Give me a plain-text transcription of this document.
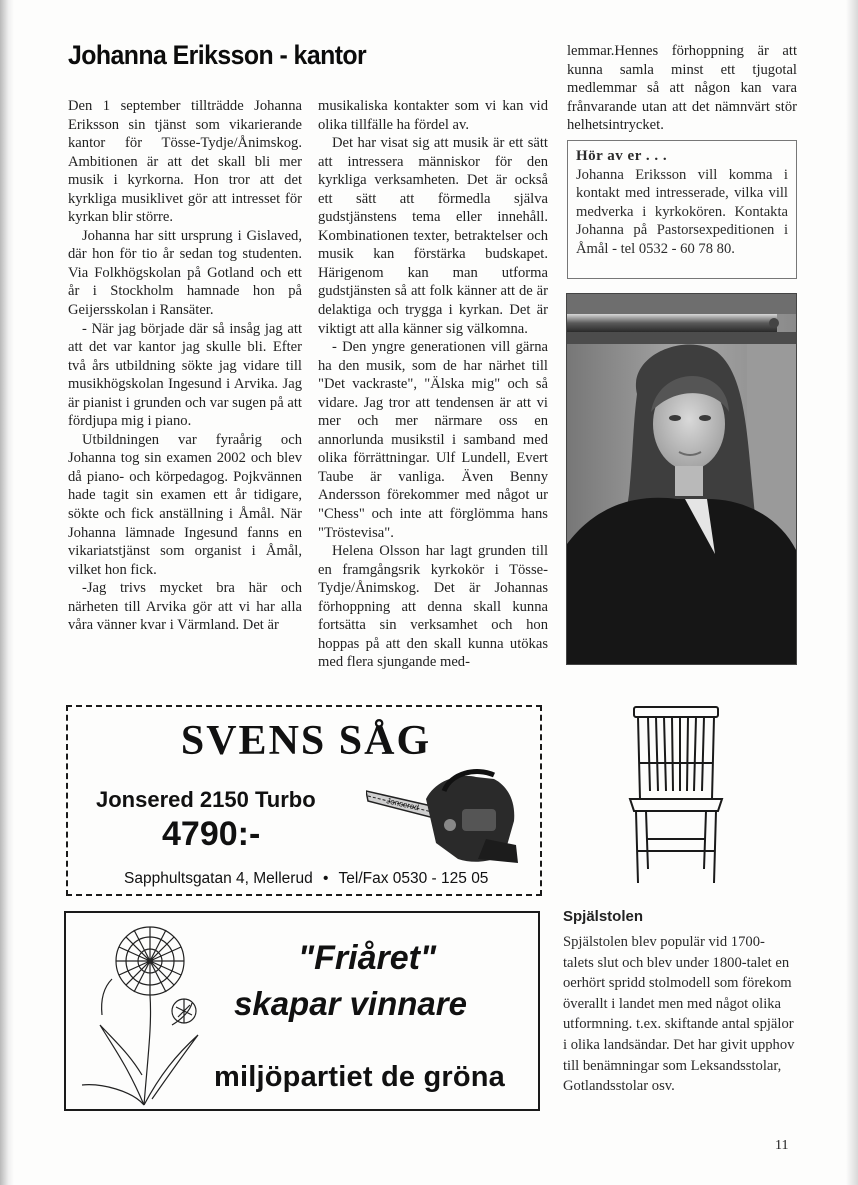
Johanna Eriksson - kantor

Den 1 september tillträdde Johanna Eriksson sin tjänst som vikarierande kantor för Tösse-Tydje/Ånimskog. Ambitionen är att det skall bli mer musik i kyrkorna. Hon tror att det kyrkliga musiklivet gör att intresset för kyrkan blir större.

Johanna har sitt ursprung i Gislaved, där hon för tio år sedan tog studenten. Via Folkhögskolan på Gotland och ett år i Stockholm hamnade hon på Geijersskolan i Ransäter.

- När jag började där så insåg jag att att det var kantor jag skulle bli. Efter två års utbildning sökte jag vidare till musikhögskolan Ingesund i Arvika. Jag är pianist i grunden och var sugen på att fördjupa mig i piano.

Utbildningen var fyraårig och Johanna tog sin examen 2002 och blev då piano- och körpedagog. Pojkvännen hade tagit sin examen ett år tidigare, sökte och fick anställning i Åmål. När Johanna lämnade Ingesund fanns en vikariatstjänst som organist i Åmål, vilket hon fick.

-Jag trivs mycket bra här och närheten till Arvika gör att vi har alla våra vänner kvar i Värmland. Det är

musikaliska kontakter som vi kan vid olika tillfälle ha fördel av.

Det har visat sig att musik är ett sätt att intressera människor för den kyrkliga verksamheten. Det är också ett sätt att förmedla själva gudstjänstens tema eller innehåll. Kombinationen texter, betraktelser och musik kan förstärka budskapet. Härigenom kan man utforma gudstjänsten så att folk känner att de är delaktiga och trygga i kyrkan. Det är viktigt att alla känner sig välkomna.

- Den yngre generationen vill gärna ha den musik, som de har närhet till "Det vackraste", "Älska mig" och så vidare. Jag tror att tendensen är att vi mer och mer närmare oss en annorlunda musikstil i samband med olika förrättningar. Ulf Lundell, Evert Taube är vanliga. Även Benny Andersson förekommer med något ur "Chess" och inte att förglömma hans "Tröstevisa".

Helena Olsson har lagt grunden till en framgångsrik kyrkokör i Tösse-Tydje/Ånimskog. Det är Johannas förhoppning att denna skall kunna fortsätta sin verksamhet och hon hoppas på att den skall kunna utökas med flera sjungande med-

lemmar.Hennes förhoppning är att kunna samla minst ett tjugotal medlemmar så att någon kan vara frånvarande utan att det nämnvärt stör helhetsintrycket.

Hör av er . . .
Johanna Eriksson vill komma i kontakt med intresserade, vilka vill medverka i kyrkokören. Kontakta Johanna på Pastorsexpeditionen i Åmål - tel 0532 - 60 78 80.
SVENS SÅG
Jonsered 2150 Turbo
4790:-
Jonsered
Sapphultsgatan 4, Mellerud • Tel/Fax 0530 - 125 05
"Friåret"
skapar vinnare
miljöpartiet de gröna
Spjälstolen
Spjälstolen blev populär vid 1700-talets slut och blev under 1800-talet en oerhört spridd stolmodell som förekom överallt i landet men med något olika utformning. t.ex. skiftande antal spjälor i olika landsändar. Det har givit upphov till benämningar som Leksandsstolar, Gotlandsstolar osv.
11
